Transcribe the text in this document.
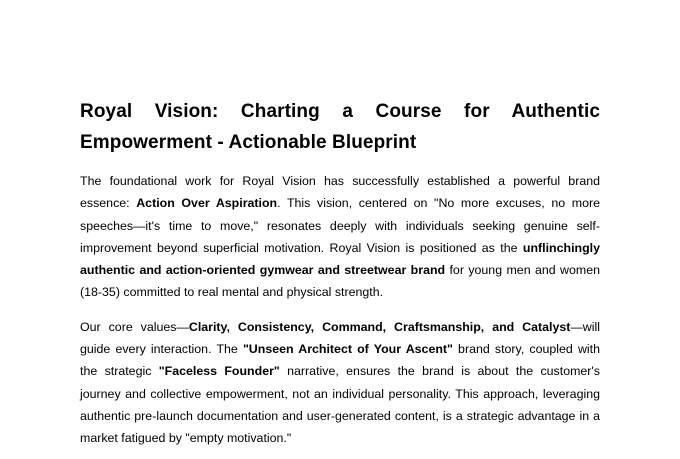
Royal Vision: Charting a Course for Authentic Empowerment - Actionable Blueprint

The foundational work for Royal Vision has successfully established a powerful brand essence: Action Over Aspiration. This vision, centered on "No more excuses, no more speeches—it's time to move," resonates deeply with individuals seeking genuine self-improvement beyond superficial motivation. Royal Vision is positioned as the unflinchingly authentic and action-oriented gymwear and streetwear brand for young men and women (18-35) committed to real mental and physical strength.

Our core values—Clarity, Consistency, Command, Craftsmanship, and Catalyst—will guide every interaction. The "Unseen Architect of Your Ascent" brand story, coupled with the strategic "Faceless Founder" narrative, ensures the brand is about the customer's journey and collective empowerment, not an individual personality. This approach, leveraging authentic pre-launch documentation and user-generated content, is a strategic advantage in a market fatigued by "empty motivation."
